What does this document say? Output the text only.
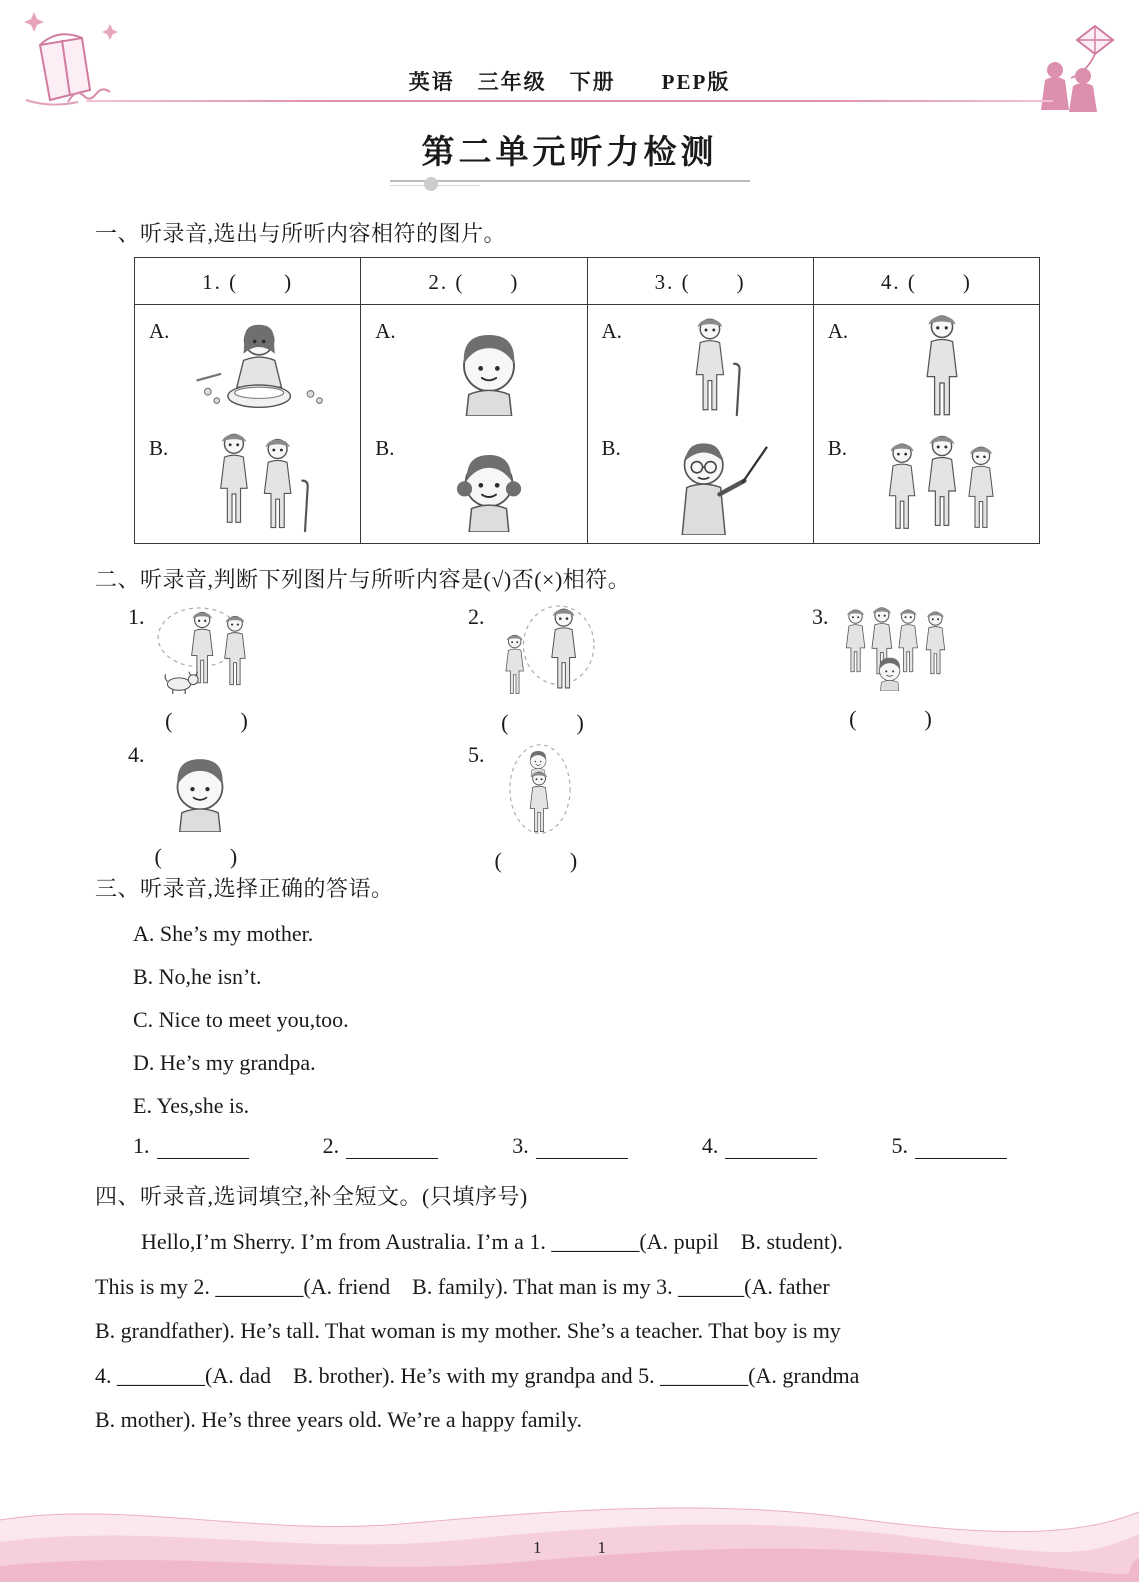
英语　三年级　下册　　PEP版
第二单元听力检测
一、听录音,选出与所听内容相符的图片。
1. (　　)	2. (　　)	3. (　　)	4. (　　)

A.
B.

A.
B.

A.
B.

A.
B.
二、听录音,判断下列图片与所听内容是(√)否(×)相符。
1.
(　　)
2.
(　　)
3.
(　　)
4.
(　　)
5.
(　　)
三、听录音,选择正确的答语。
A. She’s my mother.
B. No,he isn’t.
C. Nice to meet you,too.
D. He’s my grandpa.
E. Yes,she is.
1.	2.	3.	4.	5.
四、听录音,选词填空,补全短文。(只填序号)
Hello,I’m Sherry. I’m from Australia. I’m a 1. ________(A. pupil　B. student).
This is my 2. ________(A. friend　B. family). That man is my 3. ______(A. father
B. grandfather). He’s tall. That woman is my mother. She’s a teacher. That boy is my
4. ________(A. dad　B. brother). He’s with my grandpa and 5. ________(A. grandma
B. mother). He’s three years old. We’re a happy family.
1	1
